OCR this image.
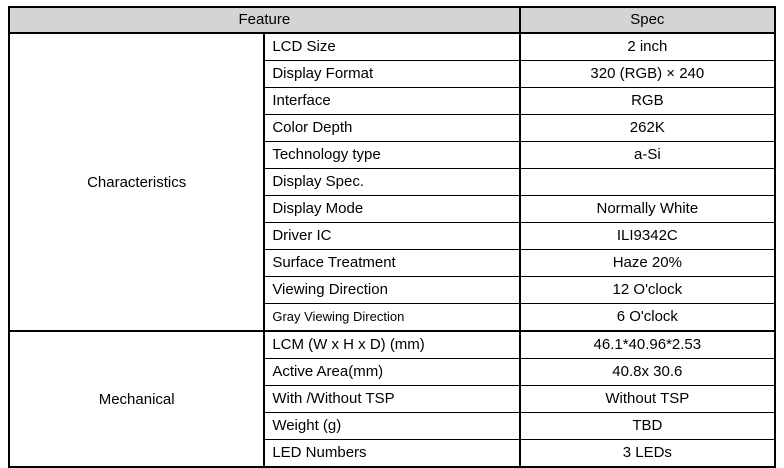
Feature		Spec
Characteristics	LCD Size	2 inch
	Display Format	320 (RGB) × 240
	Interface	RGB
	Color Depth	262K
	Technology type	a-Si
	Display Spec.	
	Display Mode	Normally White
	Driver IC	ILI9342C
	Surface Treatment	Haze 20%
	Viewing Direction	12 O'clock
	Gray Viewing Direction	6 O'clock
Mechanical	LCM (W x H x D) (mm)	46.1*40.96*2.53
	Active Area(mm)	40.8x 30.6
	With /Without TSP	Without TSP
	Weight (g)	TBD
	LED Numbers	3 LEDs
